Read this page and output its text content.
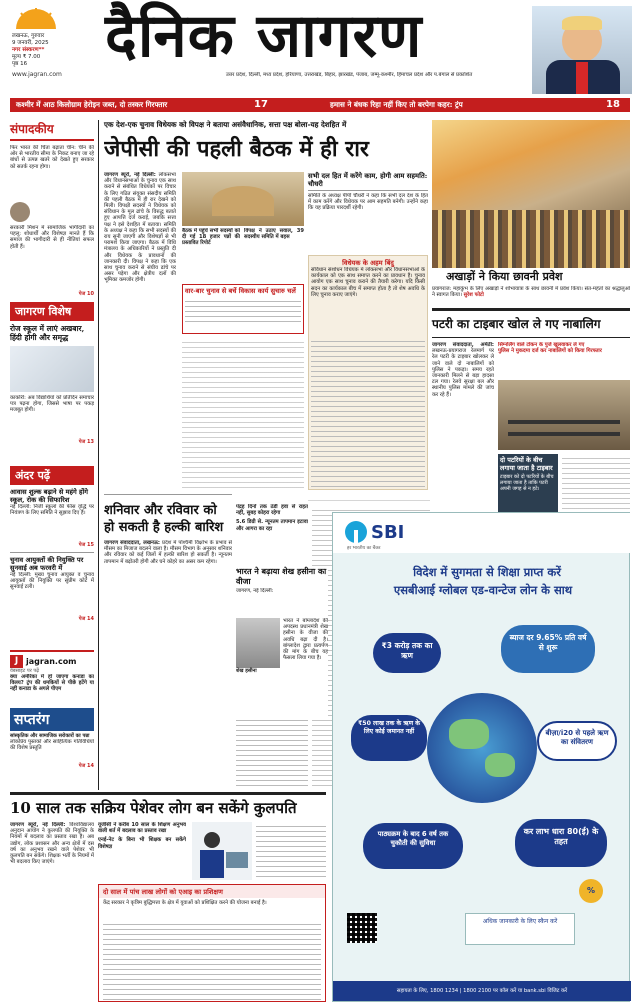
लखनऊ, गुरुवार
9 जनवरी, 2025
नगर संस्करण**
मूल्य ₹ 7.00
पृष्ठ 16	दैनिक जागरण
www.jagran.com	उत्तर प्रदेश, दिल्ली, मध्य प्रदेश, हरियाणा, उत्तराखंड, बिहार, झारखंड, पंजाब, जम्मू-कश्मीर, हिमाचल प्रदेश और प.बंगाल से प्रकाशित
कश्मीर में आठ किलोग्राम हेरोइन जब्त, दो तस्कर गिरफ्तार	17	हमास ने बंधक रिहा नहीं किए तो बरपेगा कहर: ट्रंप	18
संपादकीय
फिर भारत की चिंता बढ़ाता चीन: चीन की ओर से भारतीय सीमा के निकट बनाए जा रहे बांधों से उत्पन्न खतरे को देखते हुए सरकार को सतर्क रहना होगा।
सरकारी मिशन में सामाजिक भागीदारी का पहलू: शोधार्थी और विशेषज्ञ मानते हैं कि समाज की भागीदारी से ही नीतियां सफल होती हैं।
पेज 10
जागरण विशेष
रोज स्कूल में लाएं अखबार, हिंदी होगी और समृद्ध
काकोरी: अब विद्यार्थियों को प्रतिदिन समाचार पत्र पढ़ना होगा, जिससे भाषा पर पकड़ मजबूत होगी।
पेज 13
अंदर पढ़ें
आवास शुल्क बढ़ाने से महंगे होंगे स्कूल, रोक की सिफारिश
नई दिल्ली: निजी स्कूलों की फीस वृद्धि पर नियंत्रण के लिए समिति ने सुझाव दिए हैं।
पेज 15
चुनाव आयुक्तों की नियुक्ति पर सुनवाई अब फरवरी में
नई दिल्ली: मुख्य चुनाव आयुक्त व चुनाव आयुक्तों की नियुक्ति पर सुप्रीम कोर्ट में सुनवाई टली।
पेज 14
J jagran.com
वेबसाइट पर पढ़ें
क्या अमेरिका में हो जाएगा कनाडा का विलय? ट्रंप की धमकियों से पीछे हटेंगे या नहीं कनाडा के अगले पीएम
सप्तरंग
सांस्कृतिक और सामाजिक सरोकारों का पन्ना
लोकप्रिय पुस्तकों और साहित्यिक गतिविधियों की विशेष प्रस्तुति
पेज 14
एक देश-एक चुनाव विधेयक को विपक्ष ने बताया असंवैधानिक, सत्ता पक्ष बोला-यह देशहित में
जेपीसी की पहली बैठक में ही रार
जागरण ब्यूरो, नई दिल्ली: लोकसभा और विधानसभाओं के चुनाव एक साथ कराने से संबंधित विधेयकों पर विचार के लिए गठित संयुक्त संसदीय समिति की पहली बैठक में ही रार देखने को मिली। विपक्षी सदस्यों ने विधेयक को संविधान के मूल ढांचे के विरुद्ध बताते हुए आपत्ति दर्ज कराई, जबकि सत्ता पक्ष ने इसे देशहित में बताया। समिति के अध्यक्ष ने कहा कि सभी सदस्यों की राय सुनी जाएगी और विशेषज्ञों से भी परामर्श किया जाएगा। बैठक में विधि मंत्रालय के अधिकारियों ने प्रस्तुति दी और विधेयक के प्रावधानों की जानकारी दी। विपक्ष ने कहा कि एक साथ चुनाव कराने से संघीय ढांचे पर असर पड़ेगा और क्षेत्रीय दलों की भूमिका कमजोर होगी।
बैठक में पहुंचे सभी सदस्यों को दी गई 18 हजार पन्नों की प्रस्तावित रिपोर्ट
विपक्ष ने उठाए सवाल, 39 सदस्यीय समिति में बहस
वार-बार चुनाव से बचें विकास कार्य सुचारु चलें
सभी दल हित में करेंगे काम, होगी आम सहमति: चौधरी
समिति के अध्यक्ष पीपी चौधरी ने कहा कि सभी दल देश के हित में काम करेंगे और विधेयक पर आम सहमति बनेगी। उन्होंने कहा कि यह प्रक्रिया पारदर्शी रहेगी।
विधेयक के अहम बिंदु
संविधान संशोधन विधेयक में लोकसभा और विधानसभाओं के कार्यकाल को एक साथ समाप्त करने का प्रावधान है। चुनाव आयोग एक साथ चुनाव कराने की तैयारी करेगा। यदि किसी सदन का कार्यकाल बीच में समाप्त होता है तो शेष अवधि के लिए चुनाव कराए जाएंगे।
अखाड़ों ने किया छावनी प्रवेश
प्रयागराज: महाकुंभ के लिए अखाड़ों ने शोभायात्रा के साथ छावनी में प्रवेश किया। संत-महंतों का श्रद्धालुओं ने स्वागत किया। सुरेश फोटो
पटरी का टाइबार खोल ले गए नाबालिग
जागरण संवाददाता, अमेठी: लखनऊ-प्रयागराज रेलमार्ग पर रेल पटरी के टाइबार खोलकर ले जाने वाले दो नाबालिगों को पुलिस ने पकड़ा। समय रहते जानकारी मिलने से बड़ा हादसा टल गया। रेलवे सुरक्षा बल और स्थानीय पुलिस मामले की जांच कर रहे हैं।
सिग्नलिंग वाले टोकन के पुर्जे खुलवाकर ले गए
पुलिस ने मुकदमा दर्ज कर नाबालिगों को किया गिरफ्तार
दो पटरियों के बीच लगाया जाता है टाइबार
टाइबार को दो पटरियों के बीच लगाया जाता है ताकि पटरी अपनी जगह से न हटे।
शनिवार और रविवार को हो सकती है हल्की बारिश
जागरण संवाददाता, लखनऊ: प्रदेश में पश्चिमी विक्षोभ के प्रभाव से मौसम का मिजाज बदलने वाला है। मौसम विभाग के अनुसार शनिवार और रविवार को कई जिलों में हल्की बारिश हो सकती है। न्यूनतम तापमान में बढ़ोतरी होगी और घने कोहरे का असर कम रहेगा।
पंद्रह दिनों तक ठंडी हवा से राहत नहीं, सुबह कोहरा रहेगा
5.6 डिग्री से. न्यूनतम तापमान इटावा और आगरा का रहा	SBI
हर भारतीय का बैंकर
विदेश में सुगमता से शिक्षा प्राप्त करें
एसबीआई ग्लोबल एड-वान्टेज लोन के साथ
₹3 करोड़ तक का ऋण
ब्याज दर 9.65% प्रति वर्ष से शुरू
₹50 लाख तक के ऋण के लिए कोई जमानत नहीं	बीज़ा/i20 से पहले ऋण का संवितरण
पाठ्यक्रम के बाद 6 वर्ष तक चुकौती की सुविधा
कर लाभ धारा 80(ई) के तहत
%
अधिक जानकारी के लिए स्कैन करें
सहायता के लिए, 1800 1234 | 1800 2100 पर कॉल करें या bank.sbi विजिट करें
भारत ने बढ़ाया शेख हसीना का वीजा
जागरण, नई दिल्ली:
भारत ने बांग्लादेश की अपदस्थ प्रधानमंत्री शेख हसीना के वीजा की अवधि बढ़ा दी है। बांग्लादेश द्वारा प्रत्यर्पण की मांग के बीच यह फैसला लिया गया है।
शेख हसीना
10 साल तक सक्रिय पेशेवर लोग बन सकेंगे कुलपति
जागरण ब्यूरो, नई दिल्ली: विश्वविद्यालय अनुदान आयोग ने कुलपति की नियुक्ति के नियमों में बदलाव का प्रस्ताव रखा है। अब उद्योग, लोक प्रशासन और अन्य क्षेत्रों में दस वर्ष का अनुभव रखने वाले पेशेवर भी कुलपति बन सकेंगे। शिक्षक भर्ती के नियमों में भी बदलाव किए जाएंगे।
यूजीसी ने करीब 10 साल के शिक्षण अनुभव वाली शर्त में बदलाव का प्रस्ताव रखा
एनई-नेट के बिना भी शिक्षक बन सकेंगे विशेषज्ञ
दो साल में पांच लाख लोगों को एआइ का प्रशिक्षण
केंद्र सरकार ने कृत्रिम बुद्धिमत्ता के क्षेत्र में युवाओं को प्रशिक्षित करने की योजना बनाई है।
